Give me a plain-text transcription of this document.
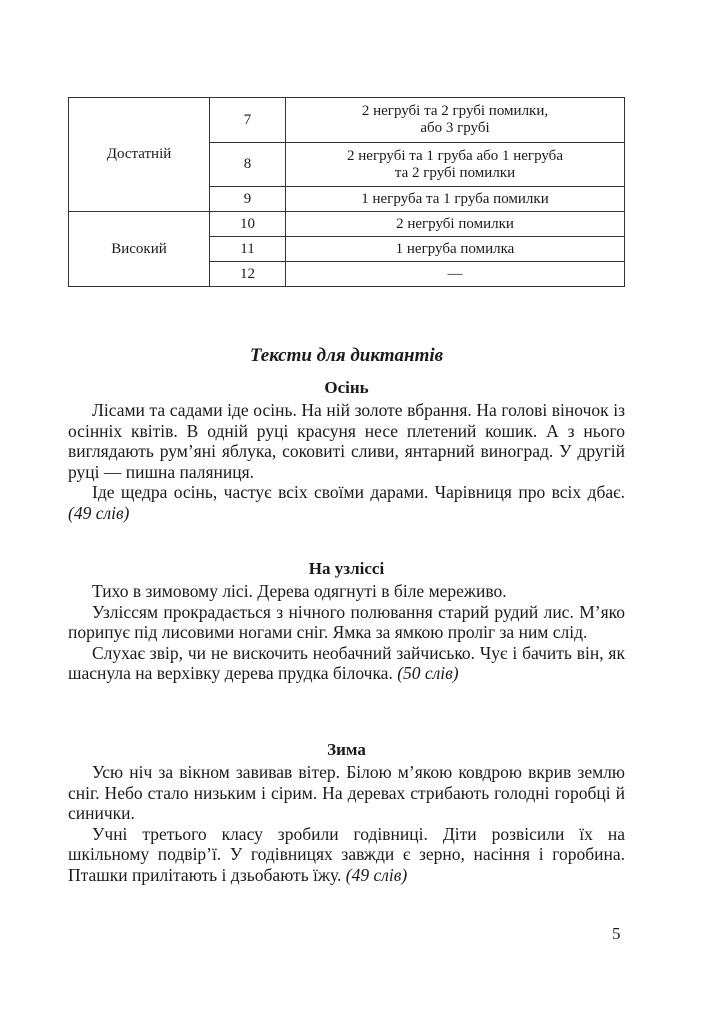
Достатній	7	2 негрубі та 2 грубі помилки,
або 3 грубі

	8	2 негрубі та 1 груба або 1 негруба
та 2 грубі помилки

	9	1 негруба та 1 груба помилки
Високий	10	2 негрубі помилки
	11	1 негруба помилка
	12	—
Тексти для диктантів
Осінь

Лісами та садами іде осінь. На ній золоте вбрання. На голові віночок із осінніх квітів. В одній руці красуня несе плетений кошик. А з нього виглядають рум’яні яблука, соковиті сливи, янтарний виноград. У другій руці — пишна паляниця.

Іде щедра осінь, частує всіх своїми дарами. Чарівниця про всіх дбає. (49 слів)

На узліссі

Тихо в зимовому лісі. Дерева одягнуті в біле мереживо.

Узліссям прокрадається з нічного полювання старий рудий лис. М’яко порипує під лисовими ногами сніг. Ямка за ямкою проліг за ним слід.

Слухає звір, чи не вискочить необачний зайчисько. Чує і бачить він, як шаснула на верхівку дерева прудка білочка. (50 слів)

Зима

Усю ніч за вікном завивав вітер. Білою м’якою ковдрою вкрив землю сніг. Небо стало низьким і сірим. На деревах стрибають голодні горобці й синички.

Учні третього класу зробили годівниці. Діти розвісили їх на шкільному подвір’ї. У годівницях завжди є зерно, насіння і горобина. Пташки прилітають і дзьобають їжу. (49 слів)

5
